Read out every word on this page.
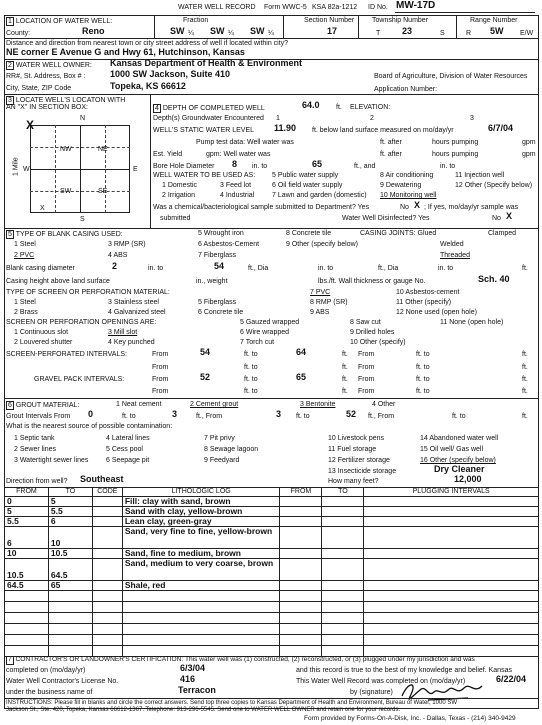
WATER WELL RECORD Form WWC-5 KSA 82a-1212 ID No. MW-17D
1 LOCATION OF WATER WELL:
County:	Reno
Fraction
SW ¼ SW ¼ SW ¼
Section Number
17
Township Number
T 23	S
Range Number
R 5W E/W
Distance and direction from nearest town or city street address of well if located within city?
NE corner E Avenue G and Hwy 61, Hutchinson, Kansas
2 WATER WELL OWNER: Kansas Department of Health & Environment
RR#, St. Address, Box # :	1000 SW Jackson, Suite 410
City, State, ZIP Code	Topeka, KS 66612
Board of Agriculture, Division of Water Resources
Application Number:
3 LOCATE WELL'S LOCATON WITH
AN "X" IN SECTION BOX:
N
NW	NE
SW	SE
W	E
S
1 Mile
X
X
4 DEPTH OF COMPLETED WELL	64.0 ft. ELEVATION:
Depth(s) Groundwater Encountered 1	2	3
WELL'S STATIC WATER LEVEL 11.90 ft. below land surface measured on mo/day/yr	6/7/04
Pump test data: Well water was	ft. after	hours pumping	gpm
Est. Yield	gpm: Well water was	ft. after	hours pumping	gpm
Bore Hole Diameter 8 in. to	65	ft., and	in. to
WELL WATER TO BE USED AS: 5 Public water supply	8 Air conditioning	11 Injection well
1 Domestic	3 Feed lot	6 Oil field water supply	9 Dewatering	12 Other (Specify below)
2 Irrigation	4 Industrial	7 Lawn and garden (domestic) 10 Monitoring well
Was a chemical/bacteriological sample submitted to Department? Yes	No X ; If yes, mo/day/yr sample was
submitted	Water Well Disinfected? Yes	No X
5 TYPE OF BLANK CASING USED:	5 Wrought iron	8 Concrete tile	CASING JOINTS: Glued	Clamped
1 Steel	3 RMP (SR)	6 Asbestos-Cement	9 Other (specify below)	Welded
2 PVC	4 ABS	7 Fiberglass	Threaded
Blank casing diameter	2	in. to	54	ft., Dia	in. to	ft., Dia	in. to	ft.
Casing height above land surface	in., weight	lbs./ft. Wall thickness or gauge No.	Sch. 40
TYPE OF SCREEN OR PERFORATION MATERIAL:	7 PVC	10 Asbestos-cement
1 Steel	3 Stainless steel	5 Fiberglass	8 RMP (SR)	11 Other (specify)
2 Brass	4 Galvanized steel	6 Concrete tile	9 ABS	12 None used (open hole)
SCREEN OR PERFORATION OPENINGS ARE:	5 Gauzed wrapped	8 Saw cut	11 None (open hole)
1 Continuous slot	3 Mill slot	6 Wire wrapped	9 Drilled holes
2 Louvered shutter	4 Key punched	7 Torch cut	10 Other (specify)
SCREEN-PERFORATED INTERVALS:	From	54	ft. to	64	ft. From	ft. to	ft.
From	ft. to	ft. From	ft. to	ft.
GRAVEL PACK INTERVALS:	From	52	ft. to	65	ft. From	ft. to	ft.
From	ft. to	ft. From	ft. to	ft.
6 GROUT MATERIAL:	1 Neat cement	2 Cement grout	3 Bentonite	4 Other
Grout Intervals From 0	ft. to	3	ft., From	3 ft. to	52 ft., From	ft. to	ft.
What is the nearest source of possible contamination:
1 Septic tank	4 Lateral lines	7 Pit privy	10 Livestock pens	14 Abandoned water well
2 Sewer lines	5 Cess pool	8 Sewage lagoon	11 Fuel storage	15 Oil well/ Gas well
3 Watertight sewer lines	6 Seepage pit	9 Feedyard	12 Fertilizer storage	16 Other (specify below)
13 Insecticide storage	Dry Cleaner
Direction from well? Southeast	How many feet?	12,000
FROM	TO	CODE	LITHOLOGIC LOG	FROM	TO	PLUGGING INTERVALS
0	5		Fill: clay with sand, brown			
5	5.5		Sand with clay, yellow-brown			
5.5	6		Lean clay, green-gray			
6	10		Sand, very fine to fine, yellow-brown			
10	10.5		Sand, fine to medium, brown			
10.5	64.5		Sand, medium to very coarse, brown			
64.5	65		Shale, red			

7 CONTRACTOR'S OR LANDOWNER'S CERTIFICATION: This water well was (1) constructed, (2) reconstructed, or (3) plugged under my jurisdiction and was
completed on (mo/day/yr)	6/3/04	and this record is true to the best of my knowledge and belief. Kansas
Water Well Contractor's License No.	416	This Water Well Record was completed on (mo/day/yr)	6/22/04
under the business name of	Terracon	by (signature)
INSTRUCTIONS: Please fill in blanks and circle the correct answers. Send top three copies to Kansas Department of Health and Environment, Bureau of Water, 1000 SW
Jackson St., Ste. 420, Topeka, Kansas 66612-1367. Telephone: 913-296-5545. Send one to WATER WELL OWNER and retain one for your records.
Form provided by Forms-On-A-Disk, Inc. - Dallas, Texas - (214) 340-9429
